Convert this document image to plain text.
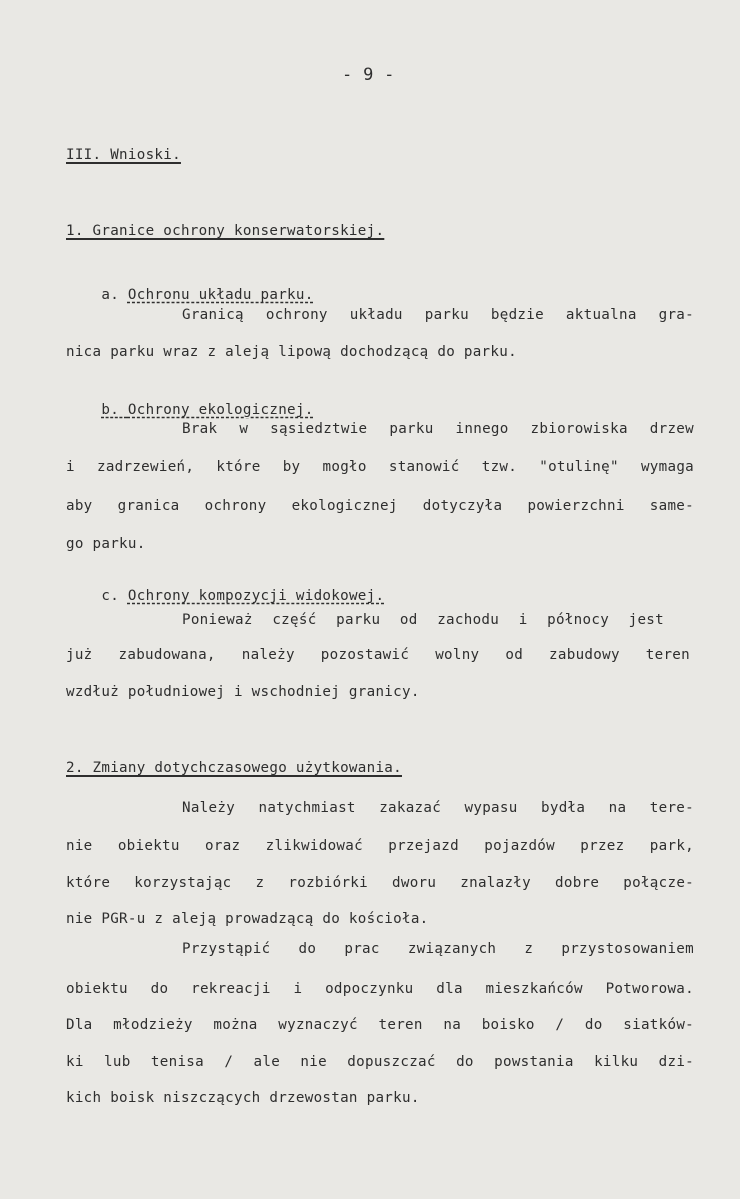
- 9 -
III. Wnioski.
1. Granice ochrony konserwatorskiej.

a. Ochronu układu parku.

Granicą ochrony układu parku będzie aktualna gra-
nica parku wraz z aleją lipową dochodzącą do parku.

b. Ochrony ekologicznej.

Brak w sąsiedztwie parku innego zbiorowiska drzew
i zadrzewień, które by mogło stanowić tzw. "otulinę" wymaga
aby granica ochrony ekologicznej dotyczyła powierzchni same-
go parku.

c. Ochrony kompozycji widokowej.

Ponieważ część parku od zachodu i północy jest
już zabudowana, należy pozostawić wolny od zabudowy teren
wzdłuż południowej i wschodniej granicy.
2. Zmiany dotychczasowego użytkowania.
Należy natychmiast zakazać wypasu bydła na tere-
nie obiektu oraz zlikwidować przejazd pojazdów przez park,
które korzystając z rozbiórki dworu znalazły dobre połącze-
nie PGR-u z aleją prowadzącą do kościoła.
Przystąpić do prac związanych z przystosowaniem
obiektu do rekreacji i odpoczynku dla mieszkańców Potworowa.
Dla młodzieży można wyznaczyć teren na boisko / do siatków-
ki lub tenisa / ale nie dopuszczać do powstania kilku dzi-
kich boisk niszczących drzewostan parku.
